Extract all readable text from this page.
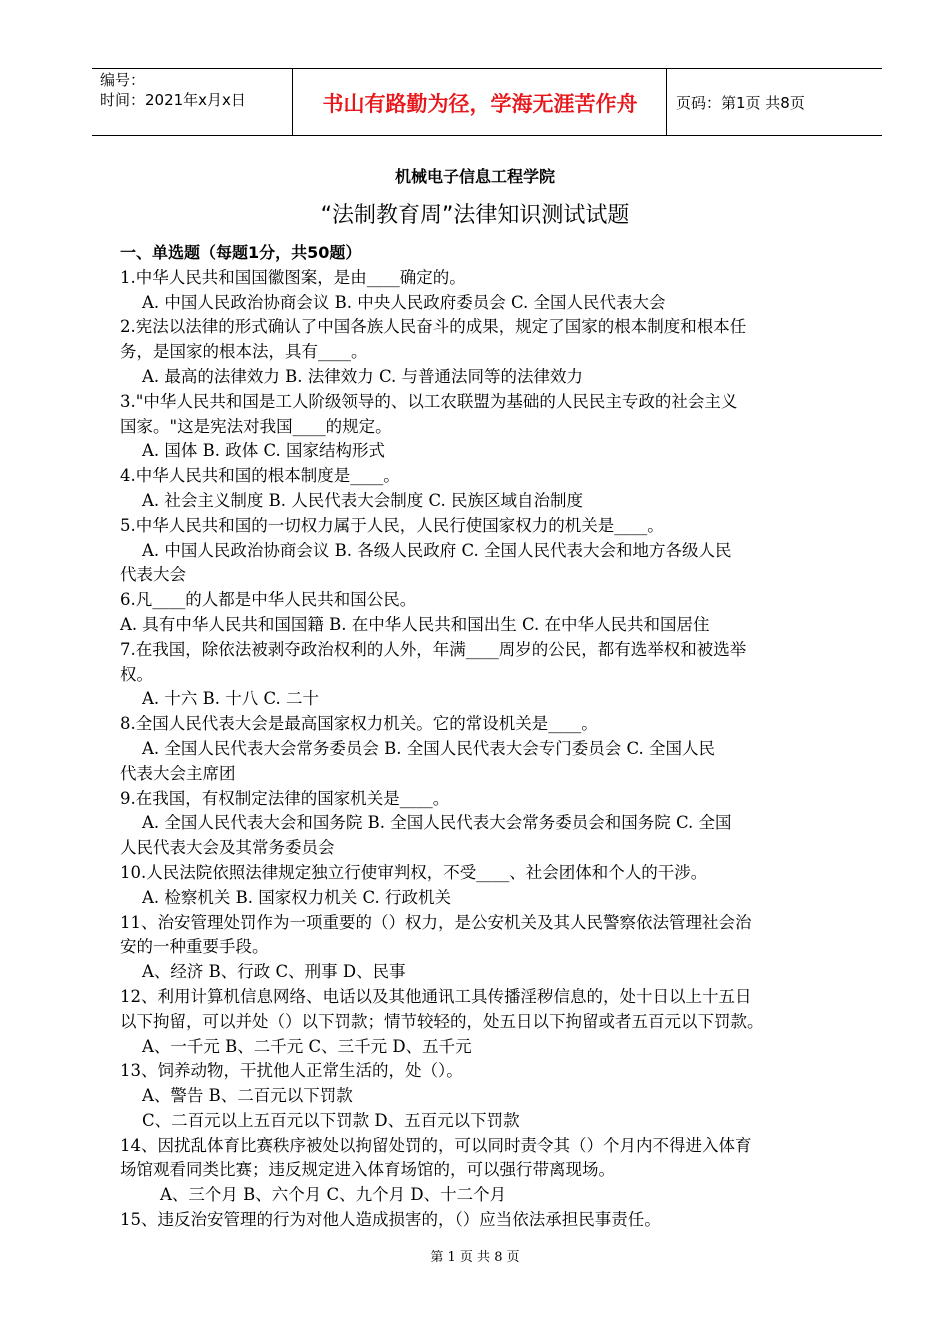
编号：
时间：2021年x月x日	书山有路勤为径，学海无涯苦作舟	页码：第1页 共8页
机械电子信息工程学院
“法制教育周”法律知识测试试题

一、单选题（每题1分，共50题）

1.中华人民共和国国徽图案，是由____确定的。

A. 中国人民政治协商会议 B. 中央人民政府委员会 C. 全国人民代表大会

2.宪法以法律的形式确认了中国各族人民奋斗的成果，规定了国家的根本制度和根本任

务，是国家的根本法，具有____。

A. 最高的法律效力 B. 法律效力 C. 与普通法同等的法律效力

3."中华人民共和国是工人阶级领导的、以工农联盟为基础的人民民主专政的社会主义

国家。"这是宪法对我国____的规定。

A. 国体 B. 政体 C. 国家结构形式

4.中华人民共和国的根本制度是____。

A. 社会主义制度 B. 人民代表大会制度 C. 民族区域自治制度

5.中华人民共和国的一切权力属于人民，人民行使国家权力的机关是____。

A. 中国人民政治协商会议 B. 各级人民政府 C. 全国人民代表大会和地方各级人民

代表大会

6.凡____的人都是中华人民共和国公民。

A. 具有中华人民共和国国籍 B. 在中华人民共和国出生 C. 在中华人民共和国居住

7.在我国，除依法被剥夺政治权利的人外，年满____周岁的公民，都有选举权和被选举

权。

A. 十六 B. 十八 C. 二十

8.全国人民代表大会是最高国家权力机关。它的常设机关是____。

A. 全国人民代表大会常务委员会 B. 全国人民代表大会专门委员会 C. 全国人民

代表大会主席团

9.在我国，有权制定法律的国家机关是____。

A. 全国人民代表大会和国务院 B. 全国人民代表大会常务委员会和国务院 C. 全国

人民代表大会及其常务委员会

10.人民法院依照法律规定独立行使审判权，不受____、社会团体和个人的干涉。

A. 检察机关 B. 国家权力机关 C. 行政机关

11、治安管理处罚作为一项重要的（）权力，是公安机关及其人民警察依法管理社会治

安的一种重要手段。

A、经济 B、行政 C、刑事 D、民事

12、利用计算机信息网络、电话以及其他通讯工具传播淫秽信息的，处十日以上十五日

以下拘留，可以并处（）以下罚款；情节较轻的，处五日以下拘留或者五百元以下罚款。

A、一千元 B、二千元 C、三千元 D、五千元

13、饲养动物，干扰他人正常生活的，处（）。

A、警告 B、二百元以下罚款

C、二百元以上五百元以下罚款 D、五百元以下罚款

14、因扰乱体育比赛秩序被处以拘留处罚的，可以同时责令其（）个月内不得进入体育

场馆观看同类比赛；违反规定进入体育场馆的，可以强行带离现场。

A、三个月 B、六个月 C、九个月 D、十二个月

15、违反治安管理的行为对他人造成损害的，（）应当依法承担民事责任。

第 1 页 共 8 页
